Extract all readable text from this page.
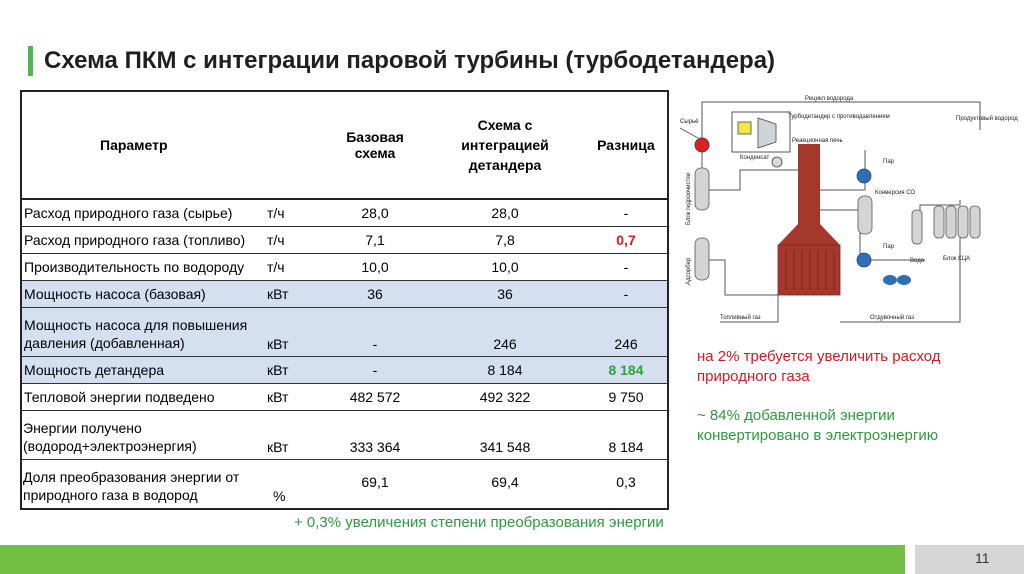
Схема ПКМ с интеграции паровой турбины (турбодетандера)
Параметр		Базовая схема	Схема с
интеграцией
детандера	Разница
Расход природного газа (сырье)	т/ч	28,0	28,0	-
Расход природного газа (топливо)	т/ч	7,1	7,8	0,7
Производительность по водороду	т/ч	10,0	10,0	-
Мощность насоса (базовая)	кВт	36	36	-
Мощность насоса для повышения
давления (добавленная)	кВт	-	246	246
Мощность детандера	кВт	-	8 184	8 184
Тепловой энергии подведено	кВт	482 572	492 322	9 750
Энергии получено
(водород+электроэнергия)	кВт	333 364	341 548	8 184
Доля преобразования энергии от
природного газа в водород	%	69,1	69,4	0,3
Рецикл водорода
Сырьё
Турбодетандер с противодавлением
Конденсат
Продуктовый водород
Реакционная печь
Блок гидроочистки
Адсорбер
Пар
Конверсия СО
Пар
Вода	Блок КЦА
Топливный газ	Отдувочный газ
на 2% требуется увеличить расход природного газа
~ 84% добавленной энергии конвертировано в электроэнергию
+ 0,3% увеличения степени преобразования энергии
11
